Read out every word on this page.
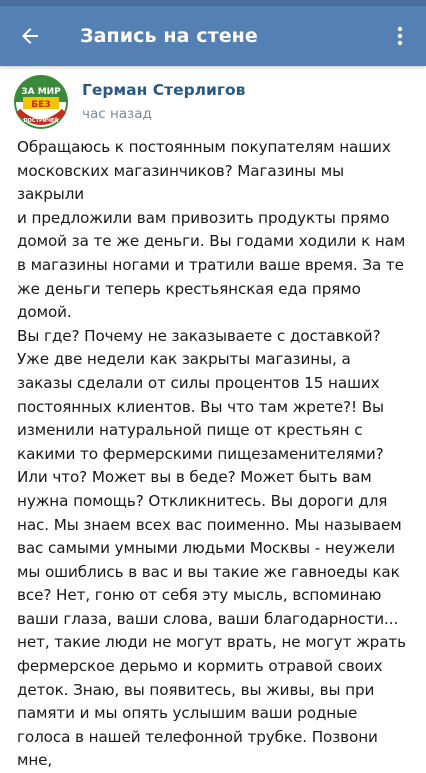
Запись на стене
ЗА МИР
БЕЗ
ПОСТРИЧЕЙ
Герман Стерлигов
час назад
Обращаюсь к постоянным покупателям наших
московских магазинчиков? Магазины мы закрыли
и предложили вам привозить продукты прямо
домой за те же деньги. Вы годами ходили к нам
в магазины ногами и тратили ваше время. За те
же деньги теперь крестьянская еда прямо домой.
Вы где? Почему не заказываете с доставкой?
Уже две недели как закрыты магазины, а
заказы сделали от силы процентов 15 наших
постоянных клиентов. Вы что там жрете?! Вы
изменили натуральной пище от крестьян с
какими то фермерскими пищезаменителями?
Или что? Может вы в беде? Может быть вам
нужна помощь? Откликнитесь. Вы дороги для
нас. Мы знаем всех вас поименно. Мы называем
вас самыми умными людьми Москвы - неужели
мы ошиблись в вас и вы такие же гавноеды как
все? Нет, гоню от себя эту мысль, вспоминаю
ваши глаза, ваши слова, ваши благодарности...
нет, такие люди не могут врать, не могут жрать
фермерское дерьмо и кормить отравой своих
деток. Знаю, вы появитесь, вы живы, вы при
памяти и мы опять услышим ваши родные
голоса в нашей телефонной трубке. Позвони мне,
